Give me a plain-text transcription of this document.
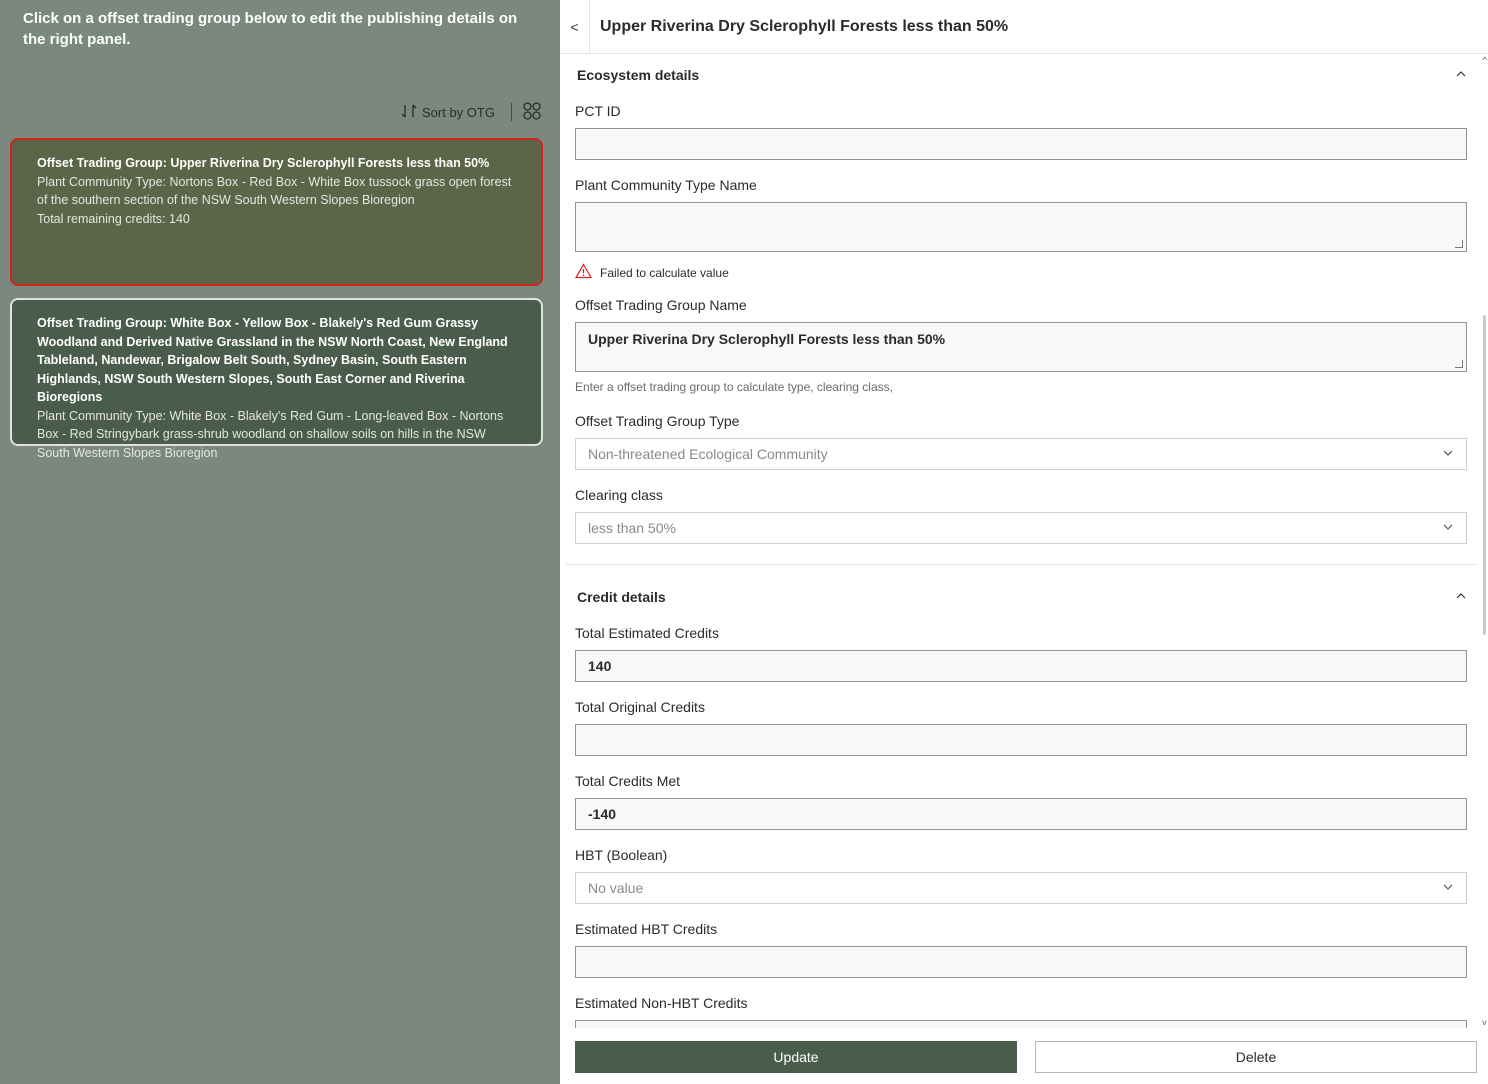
Click on a offset trading group below to edit the publishing details on the right panel.
Sort by OTG
Offset Trading Group: Upper Riverina Dry Sclerophyll Forests less than 50%
Plant Community Type: Nortons Box - Red Box - White Box tussock grass open forest of the southern section of the NSW South Western Slopes Bioregion
Total remaining credits: 140
Offset Trading Group: White Box - Yellow Box - Blakely's Red Gum Grassy Woodland and Derived Native Grassland in the NSW North Coast, New England Tableland, Nandewar, Brigalow Belt South, Sydney Basin, South Eastern Highlands, NSW South Western Slopes, South East Corner and Riverina Bioregions
Plant Community Type: White Box - Blakely's Red Gum - Long-leaved Box - Nortons Box - Red Stringybark grass-shrub woodland on shallow soils on hills in the NSW South Western Slopes Bioregion
<	Upper Riverina Dry Sclerophyll Forests less than 50%
Ecosystem details
PCT ID
Plant Community Type Name
Failed to calculate value
Offset Trading Group Name
Upper Riverina Dry Sclerophyll Forests less than 50%
Enter a offset trading group to calculate type, clearing class,
Offset Trading Group Type
Non-threatened Ecological Community
Clearing class
less than 50%
Credit details
Total Estimated Credits
140
Total Original Credits
Total Credits Met
-140
HBT (Boolean)
No value
Estimated HBT Credits
Estimated Non-HBT Credits
^
˅
Update	Delete
